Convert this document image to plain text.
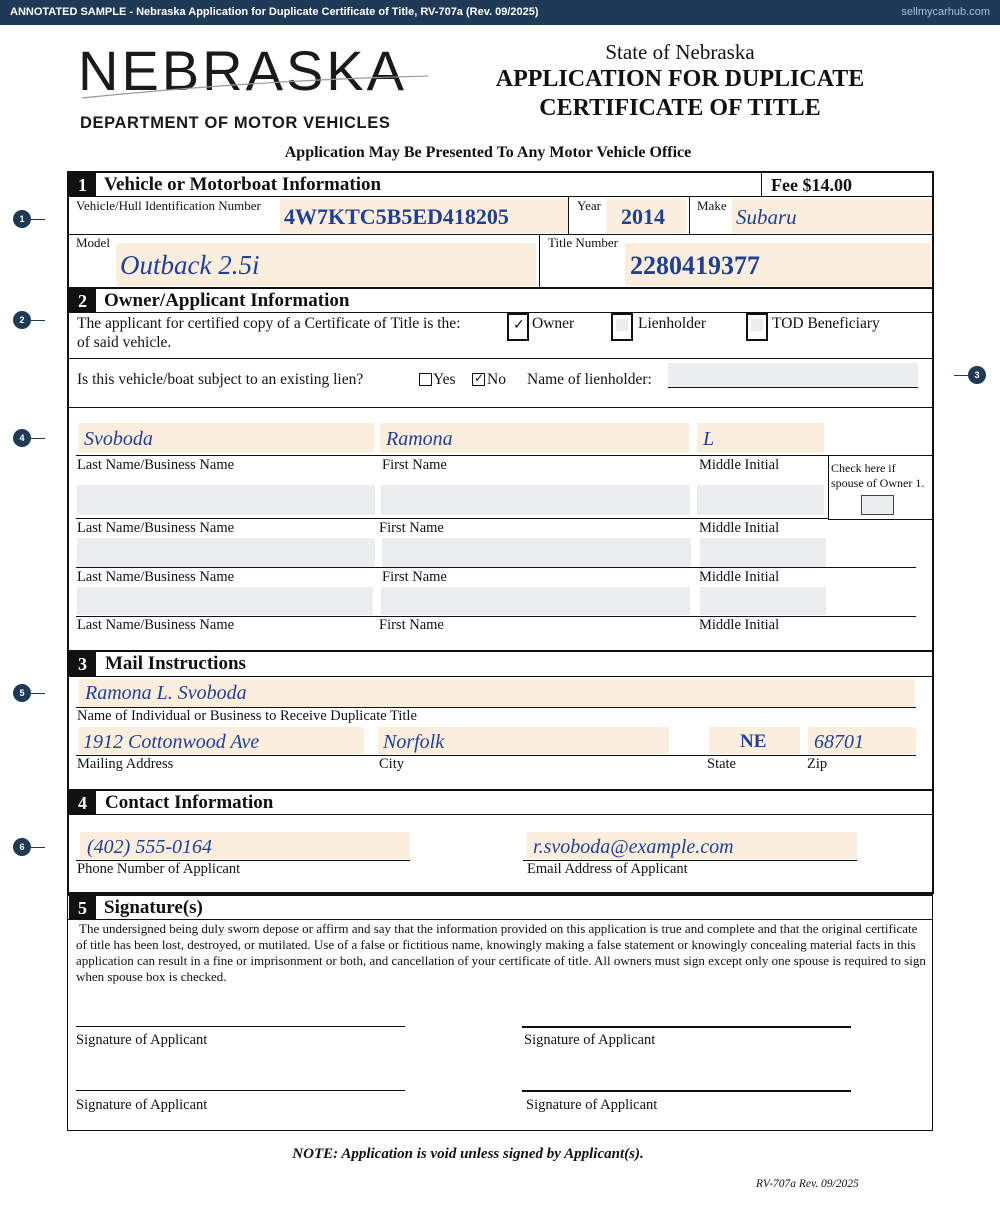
ANNOTATED SAMPLE - Nebraska Application for Duplicate Certificate of Title, RV-707a (Rev. 09/2025)	sellmycarhub.com
NEBRASKA
DEPARTMENT OF MOTOR VEHICLES
State of Nebraska
APPLICATION FOR DUPLICATE
CERTIFICATE OF TITLE
Application May Be Presented To Any Motor Vehicle Office
1 Vehicle or Motorboat Information	Fee $14.00
Vehicle/Hull Identification Number 4W7KTC5B5ED418205	Year 2014 Make Subaru
Model
Outback 2.5i
Title Number
2280419377
2 Owner/Applicant Information
The applicant for certified copy of a Certificate of Title is the:
of said vehicle.
✓ Owner	Lienholder	TOD Beneficiary
Is this vehicle/boat subject to an existing lien?	Yes ✓ No Name of lienholder:
Svoboda	Ramona	L
Last Name/Business Name	First Name	Middle Initial	Check here if
spouse of Owner 1.
Last Name/Business Name	First Name	Middle Initial
Last Name/Business Name	First Name	Middle Initial
Last Name/Business Name	First Name	Middle Initial
3 Mail Instructions
Ramona L. Svoboda
Name of Individual or Business to Receive Duplicate Title
1912 Cottonwood Ave	Norfolk	NE 68701
Mailing Address	City	State	Zip
4 Contact Information
(402) 555-0164
Phone Number of Applicant
r.svoboda@example.com
Email Address of Applicant
5 Signature(s)
The undersigned being duly sworn depose or affirm and say that the information provided on this application is true and complete and that the original certificate of title has been lost, destroyed, or mutilated. Use of a false or fictitious name, knowingly making a false statement or knowingly concealing material facts in this application can result in a fine or imprisonment or both, and cancellation of your certificate of title. All owners must sign except only one spouse is required to sign when spouse box is checked.
Signature of Applicant	Signature of Applicant
Signature of Applicant	Signature of Applicant
NOTE: Application is void unless signed by Applicant(s).
RV-707a Rev. 09/2025
1
2
3
4
5
6
